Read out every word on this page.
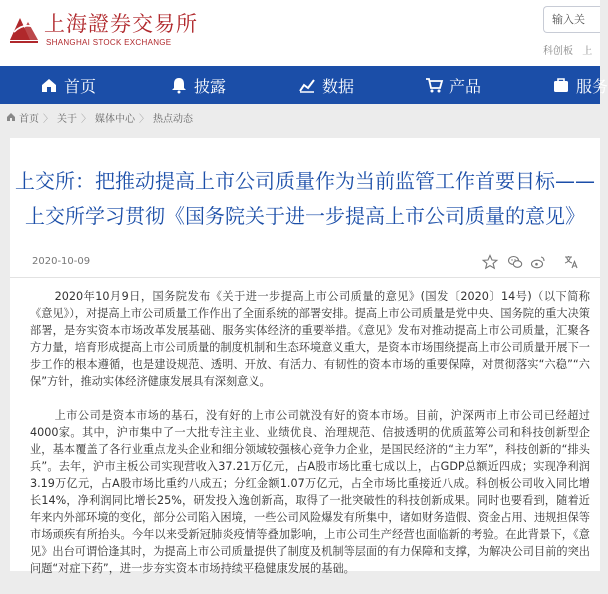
上海證券交易所
SHANGHAI STOCK EXCHANGE
输入关
科创板 上
首页	披露	数据	产品	服务
首页 〉 关于 〉 媒体中心 〉 热点动态
上交所：把推动提高上市公司质量作为当前监管工作首要目标——上交所学习贯彻《国务院关于进一步提高上市公司质量的意见》
2020-10-09

2020年10月9日，国务院发布《关于进一步提高上市公司质量的意见》(国发〔2020〕14号)（以下简称《意见》），对提高上市公司质量工作作出了全面系统的部署安排。提高上市公司质量是党中央、国务院的重大决策部署，是夯实资本市场改革发展基础、服务实体经济的重要举措。《意见》发布对推动提高上市公司质量，汇聚各方力量，培育形成提高上市公司质量的制度机制和生态环境意义重大，是资本市场围绕提高上市公司质量开展下一步工作的根本遵循，也是建设规范、透明、开放、有活力、有韧性的资本市场的重要保障，对贯彻落实“六稳”“六保”方针，推动实体经济健康发展具有深刻意义。

上市公司是资本市场的基石，没有好的上市公司就没有好的资本市场。目前，沪深两市上市公司已经超过4000家。其中，沪市集中了一大批专注主业、业绩优良、治理规范、信披透明的优质蓝筹公司和科技创新型企业，基本覆盖了各行业重点龙头企业和细分领域较强核心竞争力企业，是国民经济的“主力军”，科技创新的“排头兵”。去年，沪市主板公司实现营收入37.21万亿元，占A股市场比重七成以上，占GDP总额近四成；实现净利润3.19万亿元，占A股市场比重约八成五；分红金额1.07万亿元，占全市场比重接近八成。科创板公司收入同比增长14%，净利润同比增长25%，研发投入逸创新高，取得了一批突破性的科技创新成果。同时也要看到，随着近年来内外部环境的变化，部分公司陷入困境，一些公司风险爆发有所集中，诸如财务造假、资金占用、违规担保等市场顽疾有所抬头。今年以来受新冠肺炎疫情等叠加影响，上市公司生产经营也面临新的考验。在此背景下，《意见》出台可谓恰逢其时，为提高上市公司质量提供了制度及机制等层面的有力保障和支撑，为解决公司目前的突出问题“对症下药”，进一步夯实资本市场持续平稳健康发展的基础。
